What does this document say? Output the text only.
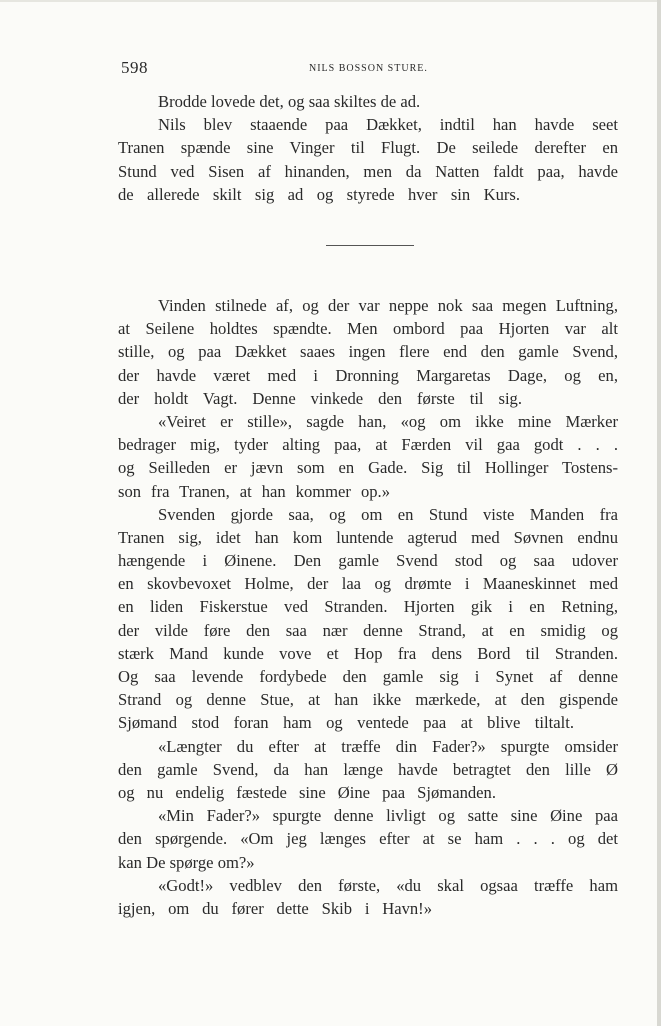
598	NILS BOSSON STURE.
Brodde lovede det, og saa skiltes de ad.
Nils blev staaende paa Dækket, indtil han havde seet
Tranen spænde sine Vinger til Flugt. De seilede derefter en
Stund ved Sisen af hinanden, men da Natten faldt paa, havde
de allerede skilt sig ad og styrede hver sin Kurs.
Vinden stilnede af, og der var neppe nok saa megen Luftning,
at Seilene holdtes spændte. Men ombord paa Hjorten var alt
stille, og paa Dækket saaes ingen flere end den gamle Svend,
der havde været med i Dronning Margaretas Dage, og en,
der holdt Vagt. Denne vinkede den første til sig.
«Veiret er stille», sagde han, «og om ikke mine Mærker
bedrager mig, tyder alting paa, at Færden vil gaa godt . . .
og Seilleden er jævn som en Gade. Sig til Hollinger Tostens-
son fra Tranen, at han kommer op.»
Svenden gjorde saa, og om en Stund viste Manden fra
Tranen sig, idet han kom luntende agterud med Søvnen endnu
hængende i Øinene. Den gamle Svend stod og saa udover
en skovbevoxet Holme, der laa og drømte i Maaneskinnet med
en liden Fiskerstue ved Stranden. Hjorten gik i en Retning,
der vilde føre den saa nær denne Strand, at en smidig og
stærk Mand kunde vove et Hop fra dens Bord til Stranden.
Og saa levende fordybede den gamle sig i Synet af denne
Strand og denne Stue, at han ikke mærkede, at den gispende
Sjømand stod foran ham og ventede paa at blive tiltalt.
«Længter du efter at træffe din Fader?» spurgte omsider
den gamle Svend, da han længe havde betragtet den lille Ø
og nu endelig fæstede sine Øine paa Sjømanden.
«Min Fader?» spurgte denne livligt og satte sine Øine paa
den spørgende. «Om jeg længes efter at se ham . . . og det
kan De spørge om?»
«Godt!» vedblev den første, «du skal ogsaa træffe ham
igjen, om du fører dette Skib i Havn!»
